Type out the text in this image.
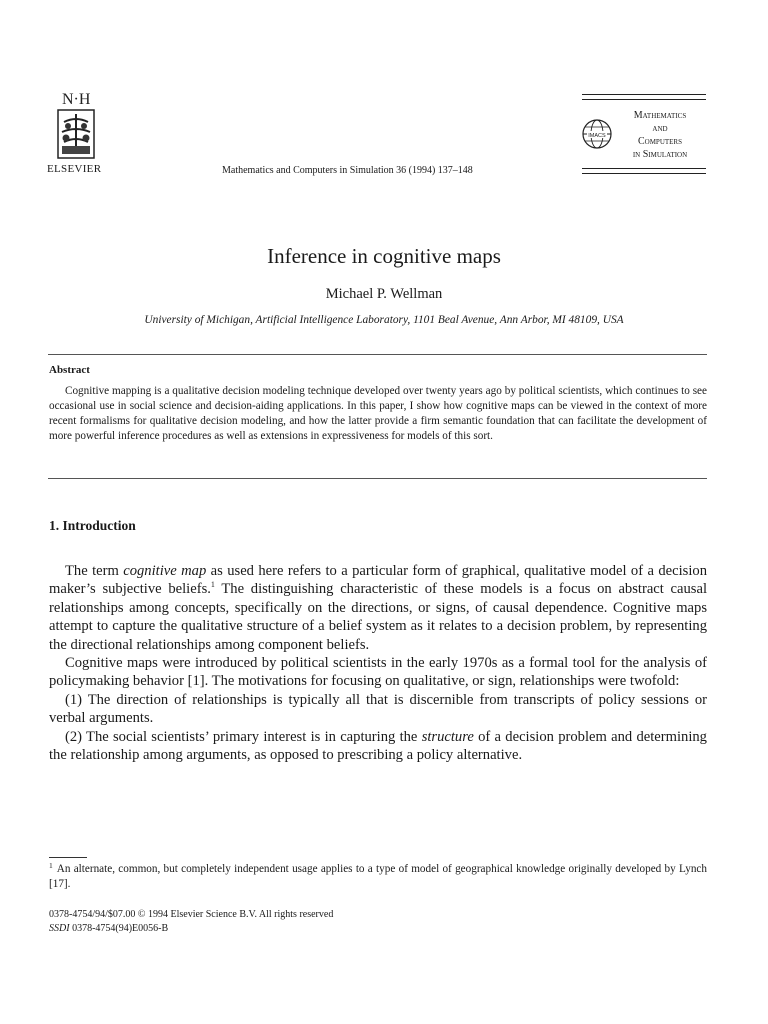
N·H
ELSEVIER	Mathematics and Computers in Simulation 36 (1994) 137–148
IMACS
Mathematics
and
Computers
in Simulation
Inference in cognitive maps
Michael P. Wellman
University of Michigan, Artificial Intelligence Laboratory, 1101 Beal Avenue, Ann Arbor, MI 48109, USA
Abstract

Cognitive mapping is a qualitative decision modeling technique developed over twenty years ago by political scientists, which continues to see occasional use in social science and decision-aiding applications. In this paper, I show how cognitive maps can be viewed in the context of more recent formalisms for qualitative decision modeling, and how the latter provide a firm semantic foundation that can facilitate the development of more powerful inference procedures as well as extensions in expressiveness for models of this sort.

1. Introduction

The term cognitive map as used here refers to a particular form of graphical, qualitative model of a decision maker’s subjective beliefs.$^1$ The distinguishing characteristic of these models is a focus on abstract causal relationships among concepts, specifically on the directions, or signs, of causal dependence. Cognitive maps attempt to capture the qualitative structure of a belief system as it relates to a decision problem, by representing the directional relationships among component beliefs.

Cognitive maps were introduced by political scientists in the early 1970s as a formal tool for the analysis of policymaking behavior [1]. The motivations for focusing on qualitative, or sign, relationships were twofold:

(1) The direction of relationships is typically all that is discernible from transcripts of policy sessions or verbal arguments.

(2) The social scientists’ primary interest is in capturing the structure of a decision problem and determining the relationship among arguments, as opposed to prescribing a policy alternative.

$^1$ An alternate, common, but completely independent usage applies to a type of model of geographical knowledge originally developed by Lynch [17].
0378-4754/94/$07.00 © 1994 Elsevier Science B.V. All rights reserved
SSDI 0378-4754(94)E0056-B
